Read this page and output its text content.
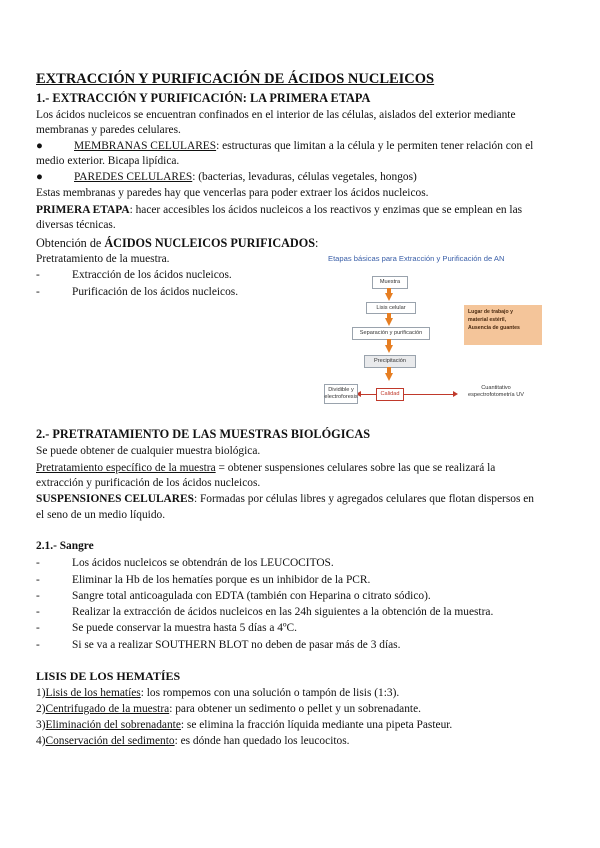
EXTRACCIÓN Y PURIFICACIÓN DE ÁCIDOS NUCLEICOS
1.- EXTRACCIÓN Y PURIFICACIÓN: LA PRIMERA ETAPA
Los ácidos nucleicos se encuentran confinados en el interior de las células, aislados del exterior mediante
membranas y paredes celulares.
●	MEMBRANAS CELULARES: estructuras que limitan a la célula y le permiten tener relación con el
medio exterior. Bicapa lipídica.
●	PAREDES CELULARES: (bacterias, levaduras, células vegetales, hongos)
Estas membranas y paredes hay que vencerlas para poder extraer los ácidos nucleicos.
PRIMERA ETAPA: hacer accesibles los ácidos nucleicos a los reactivos y enzimas que se emplean en las
diversas técnicas.
Obtención de ÁCIDOS NUCLEICOS PURIFICADOS:
Pretratamiento de la muestra.
-	Extracción de los ácidos nucleicos.
-	Purificación de los ácidos nucleicos.
Etapas básicas para Extracción y Purificación de AN
Muestra
Lisis celular
Separación y purificación
Precipitación
Calidad
Dividible y electroforesis
Cuantitativo espectrofotometría UV
Lugar de trabajo y
material estéril,
Ausencia de guantes
2.- PRETRATAMIENTO DE LAS MUESTRAS BIOLÓGICAS
Se puede obtener de cualquier muestra biológica.
Pretratamiento específico de la muestra = obtener suspensiones celulares sobre las que se realizará la
extracción y purificación de los ácidos nucleicos.
SUSPENSIONES CELULARES: Formadas por células libres y agregados celulares que flotan dispersos en
el seno de un medio líquido.
2.1.- Sangre
-	Los ácidos nucleicos se obtendrán de los LEUCOCITOS.
-	Eliminar la Hb de los hematíes porque es un inhibidor de la PCR.
-	Sangre total anticoagulada con EDTA (también con Heparina o citrato sódico).
-	Realizar la extracción de ácidos nucleicos en las 24h siguientes a la obtención de la muestra.
-	Se puede conservar la muestra hasta 5 días a 4ºC.
-	Si se va a realizar SOUTHERN BLOT no deben de pasar más de 3 días.
LISIS DE LOS HEMATÍES
1)Lisis de los hematíes: los rompemos con una solución o tampón de lisis (1:3).
2)Centrifugado de la muestra: para obtener un sedimento o pellet y un sobrenadante.
3)Eliminación del sobrenadante: se elimina la fracción líquida mediante una pipeta Pasteur.
4)Conservación del sedimento: es dónde han quedado los leucocitos.
